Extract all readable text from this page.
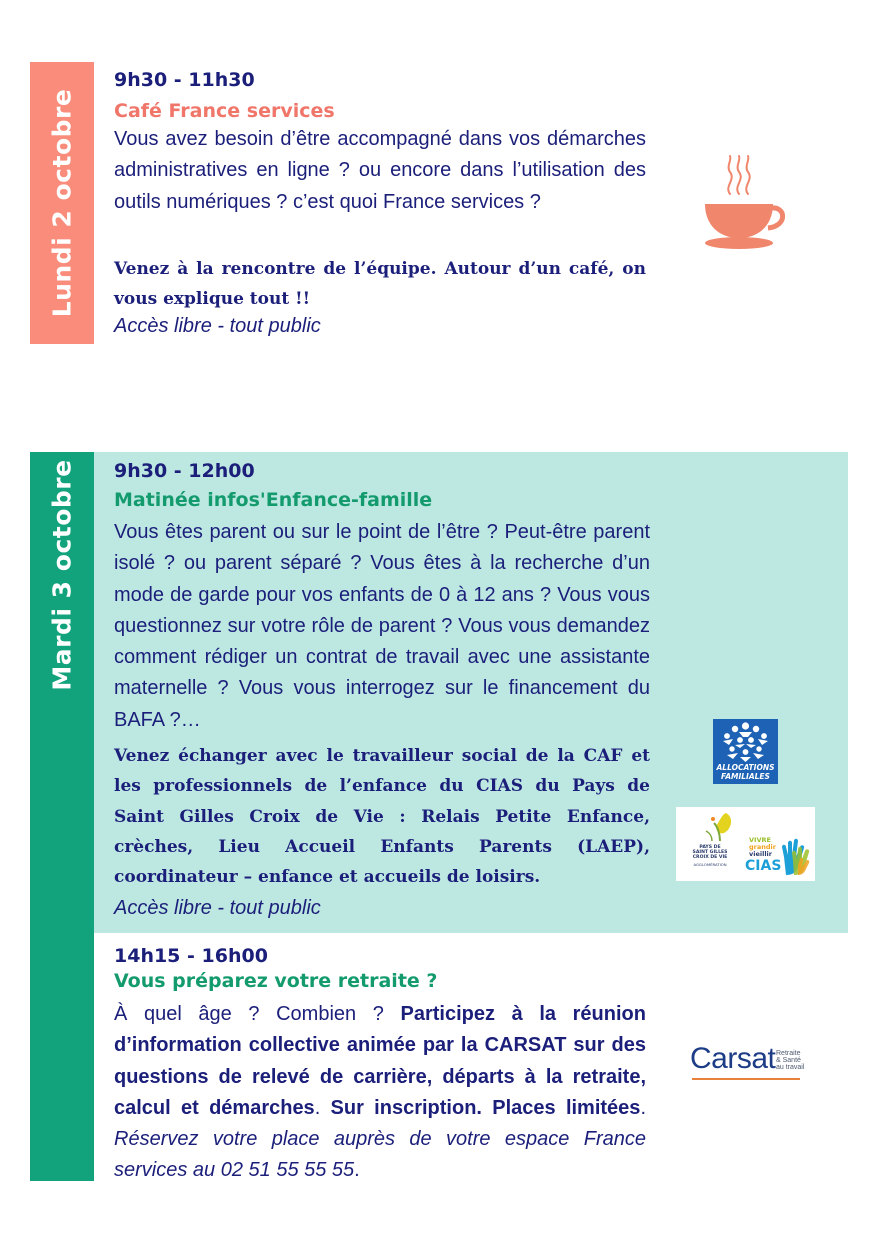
Lundi 2 octobre
9h30 - 11h30
Café France services
Vous avez besoin d’être accompagné dans vos démarches administratives en ligne ? ou encore dans l’utilisation des outils numériques ? c’est quoi France services ?
Venez à la rencontre de l’équipe. Autour d’un café, on vous explique tout !!
Accès libre - tout public
Mardi 3 octobre 9h30 - 12h00
Matinée infos'Enfance-famille
Vous êtes parent ou sur le point de l’être ? Peut-être parent isolé ? ou parent séparé ? Vous êtes à la recherche d’un mode de garde pour vos enfants de 0 à 12 ans ? Vous vous questionnez sur votre rôle de parent ? Vous vous demandez comment rédiger un contrat de travail avec une assistante maternelle ? Vous vous interrogez sur le financement du BAFA ?…
Venez échanger avec le travailleur social de la CAF et les professionnels de l’enfance du CIAS du Pays de Saint Gilles Croix de Vie : Relais Petite Enfance, crèches, Lieu Accueil Enfants Parents (LAEP), coordinateur – enfance et accueils de loisirs.
Accès libre - tout public
ALLOCATIONS
FAMILIALES
PAYS DE
SAINT GILLES
CROIX DE VIE
AGGLOMÉRATION
VIVRE
grandir
vieillir
CIAS
14h15 - 16h00
Vous préparez votre retraite ?
À quel âge ? Combien ? Participez à la réunion d’information collective animée par la CARSAT sur des questions de relevé de carrière, départs à la retraite, calcul et démarches. Sur inscription. Places limitées. Réservez votre place auprès de votre espace France services au 02 51 55 55 55.
Carsat Retraite
& Santé
au travail
